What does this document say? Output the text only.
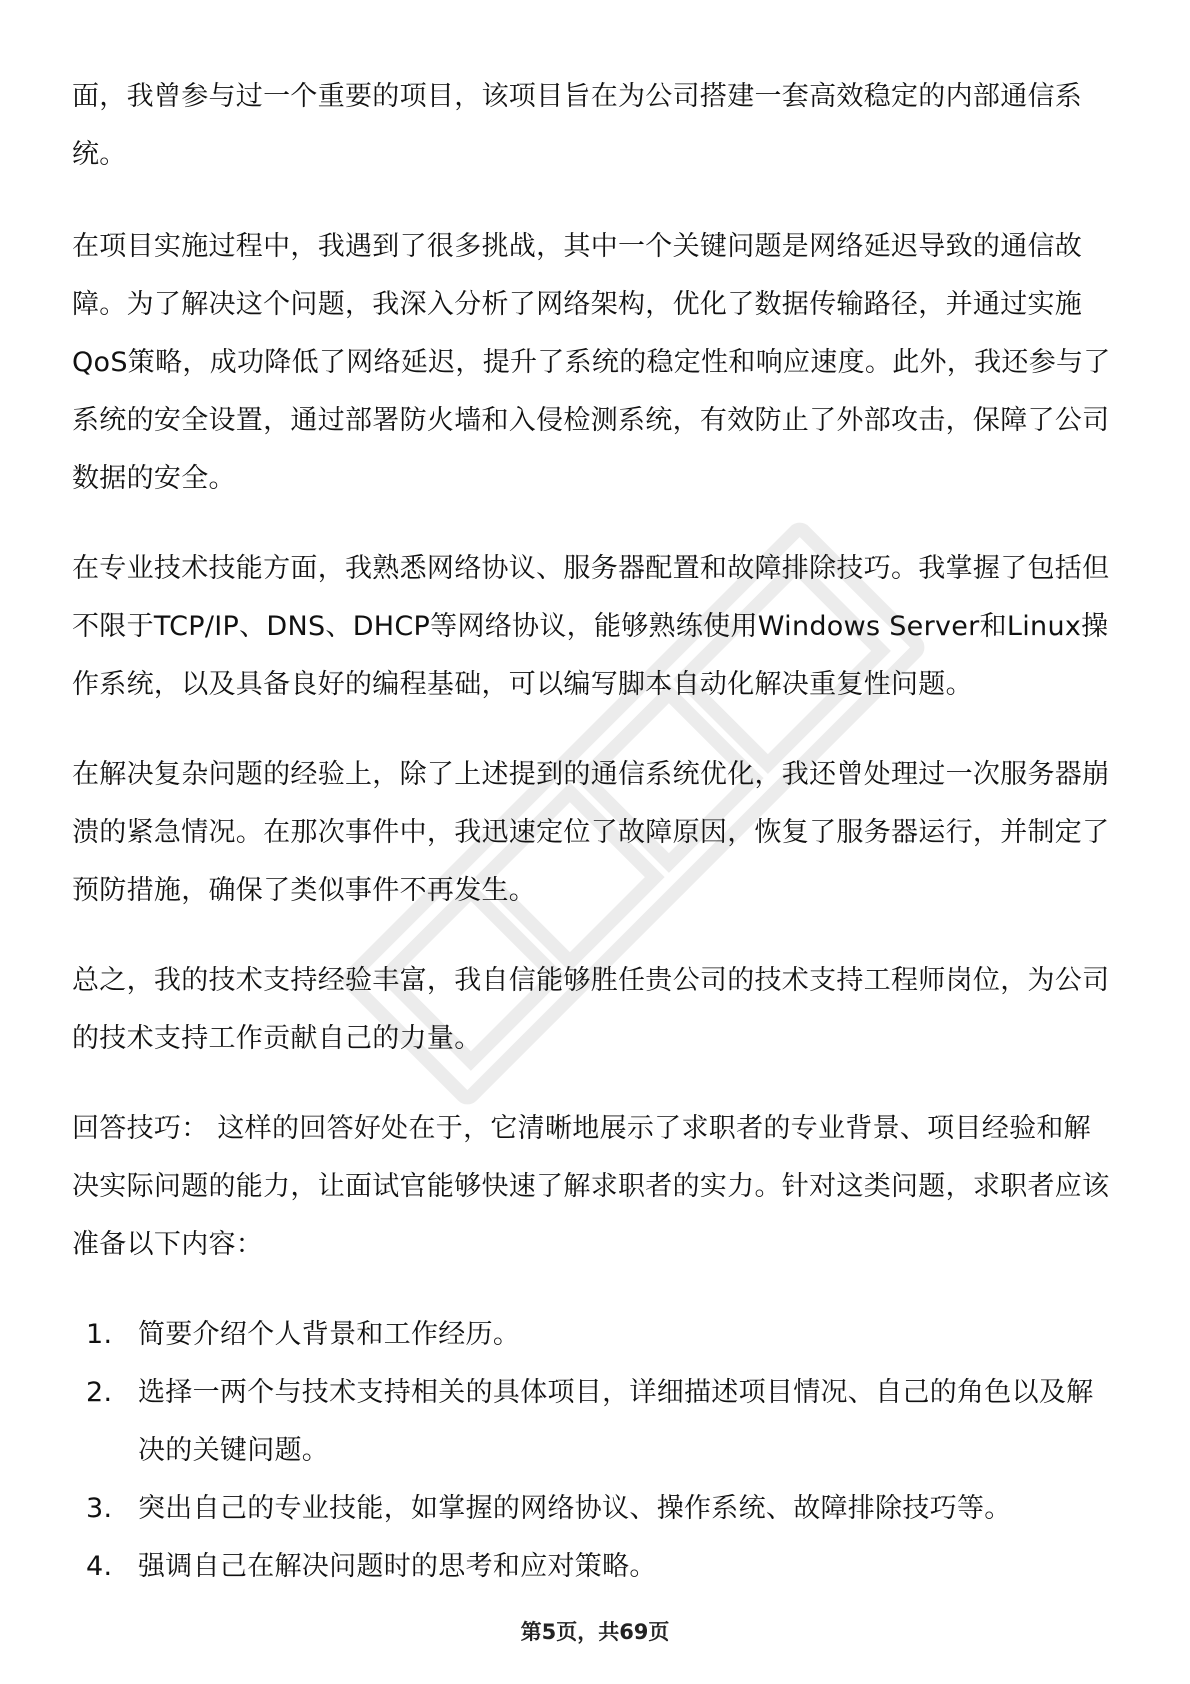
面，我曾参与过一个重要的项目，该项目旨在为公司搭建一套高效稳定的内部通信系统。

在项目实施过程中，我遇到了很多挑战，其中一个关键问题是网络延迟导致的通信故障。为了解决这个问题，我深入分析了网络架构，优化了数据传输路径，并通过实施QoS策略，成功降低了网络延迟，提升了系统的稳定性和响应速度。此外，我还参与了系统的安全设置，通过部署防火墙和入侵检测系统，有效防止了外部攻击，保障了公司数据的安全。

在专业技术技能方面，我熟悉网络协议、服务器配置和故障排除技巧。我掌握了包括但不限于TCP/IP、DNS、DHCP等网络协议，能够熟练使用Windows Server和Linux操作系统，以及具备良好的编程基础，可以编写脚本自动化解决重复性问题。

在解决复杂问题的经验上，除了上述提到的通信系统优化，我还曾处理过一次服务器崩溃的紧急情况。在那次事件中，我迅速定位了故障原因，恢复了服务器运行，并制定了预防措施，确保了类似事件不再发生。

总之，我的技术支持经验丰富，我自信能够胜任贵公司的技术支持工程师岗位，为公司的技术支持工作贡献自己的力量。

回答技巧： 这样的回答好处在于，它清晰地展示了求职者的专业背景、项目经验和解决实际问题的能力，让面试官能够快速了解求职者的实力。针对这类问题，求职者应该准备以下内容：

1. 简要介绍个人背景和工作经历。
2. 选择一两个与技术支持相关的具体项目，详细描述项目情况、自己的角色以及解决的关键问题。
3. 突出自己的专业技能，如掌握的网络协议、操作系统、故障排除技巧等。
4. 强调自己在解决问题时的思考和应对策略。
第5页，共69页
